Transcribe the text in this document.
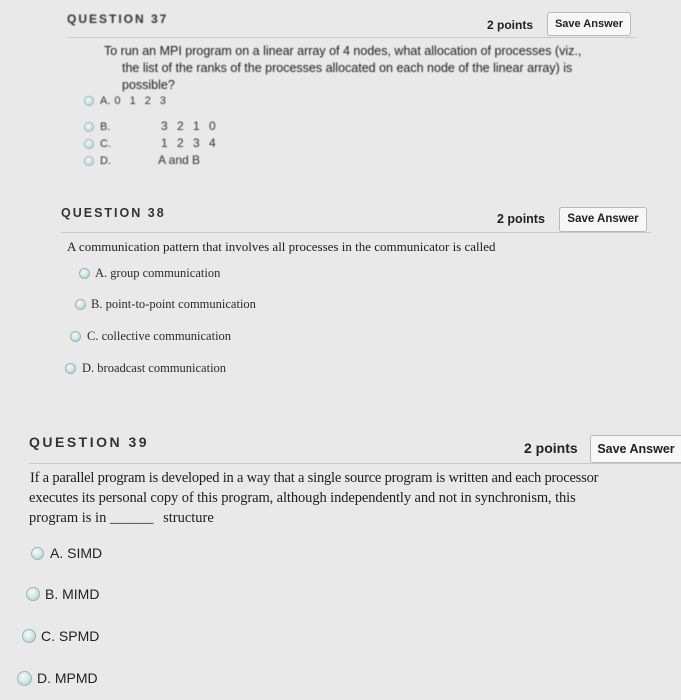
QUESTION 37	2 points	Save Answer
To run an MPI program on a linear array of 4 nodes, what allocation of processes (viz.,
the list of the ranks of the processes allocated on each node of the linear array) is
possible?
A. 0 1 2 3
B.	3 2 1 0
C.	1 2 3 4
D.	A and B
QUESTION 38	2 points	Save Answer
A communication pattern that involves all processes in the communicator is called
A. group communication
B. point-to-point communication
C. collective communication
D. broadcast communication
QUESTION 39	2 points	Save Answer
If a parallel program is developed in a way that a single source program is written and each processor
executes its personal copy of this program, although independently and not in synchronism, this
program is in ______ structure
A. SIMD
B. MIMD
C. SPMD
D. MPMD
